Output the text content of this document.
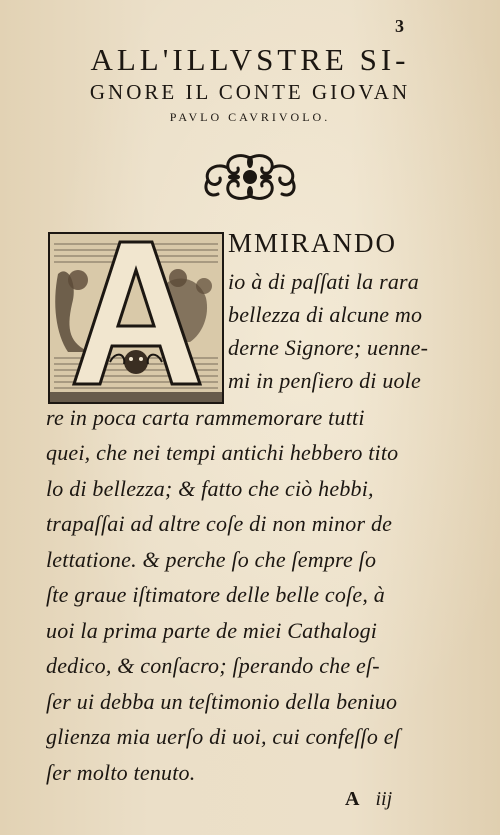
3
ALL'ILLVSTRE SI-
GNORE IL CONTE GIOVAN
PAVLO CAVRIVOLO.
MMIRANDO
io à di paſſati la rara
bellezza di alcune mo
derne Signore; uenne-
mi in penſiero di uole
re in poca carta rammemorare tutti
quei, che nei tempi antichi hebbero tito
lo di bellezza; & fatto che ciò hebbi,
trapaſſai ad altre coſe di non minor de
lettatione. & perche ſo che ſempre ſo
ſte graue iſtimatore delle belle coſe, à
uoi la prima parte de miei Cathalogi
dedico, & conſacro; ſperando che eſ-
ſer ui debba un teſtimonio della beniuo
glienza mia uerſo di uoi, cui confeſſo eſ
ſer molto tenuto.
A iij
